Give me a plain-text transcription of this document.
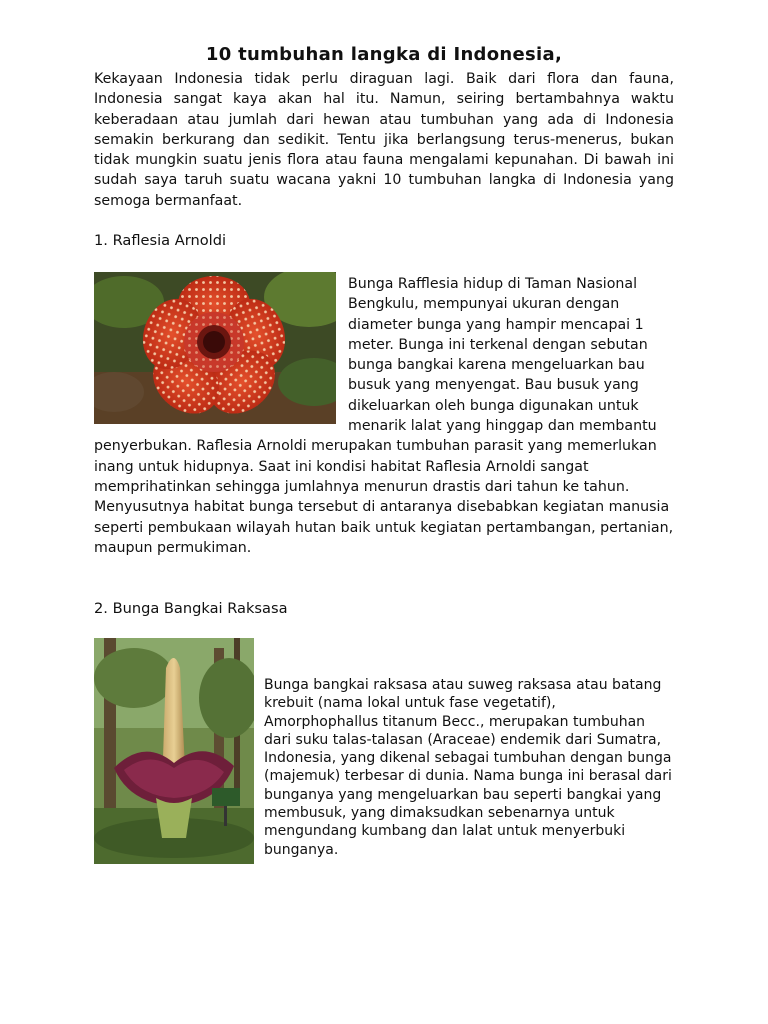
10 tumbuhan langka di Indonesia,

Kekayaan Indonesia tidak perlu diraguan lagi. Baik dari flora dan fauna, Indonesia sangat kaya akan hal itu. Namun, seiring bertambahnya waktu keberadaan atau jumlah dari hewan atau tumbuhan yang ada di Indonesia semakin berkurang dan sedikit. Tentu jika berlangsung terus-menerus, bukan tidak mungkin suatu jenis flora atau fauna mengalami kepunahan. Di bawah ini sudah saya taruh suatu wacana yakni 10 tumbuhan langka di Indonesia yang semoga bermanfaat.

1. Raflesia Arnoldi

Bunga Rafflesia hidup di Taman Nasional Bengkulu, mempunyai ukuran dengan diameter bunga yang hampir mencapai 1 meter. Bunga ini terkenal dengan sebutan bunga bangkai karena mengeluarkan bau busuk yang menyengat. Bau busuk yang dikeluarkan oleh bunga digunakan untuk menarik lalat yang hinggap dan membantu penyerbukan. Raflesia Arnoldi merupakan tumbuhan parasit yang memerlukan inang untuk hidupnya. Saat ini kondisi habitat Raflesia Arnoldi sangat memprihatinkan sehingga jumlahnya menurun drastis dari tahun ke tahun. Menyusutnya habitat bunga tersebut di antaranya disebabkan kegiatan manusia seperti pembukaan wilayah hutan baik untuk kegiatan pertambangan, pertanian, maupun permukiman.

2. Bunga Bangkai Raksasa

Bunga bangkai raksasa atau suweg raksasa atau batang krebuit (nama lokal untuk fase vegetatif), Amorphophallus titanum Becc., merupakan tumbuhan dari suku talas-talasan (Araceae) endemik dari Sumatra, Indonesia, yang dikenal sebagai tumbuhan dengan bunga (majemuk) terbesar di dunia. Nama bunga ini berasal dari bunganya yang mengeluarkan bau seperti bangkai yang membusuk, yang dimaksudkan sebenarnya untuk mengundang kumbang dan lalat untuk menyerbuki bunganya.
